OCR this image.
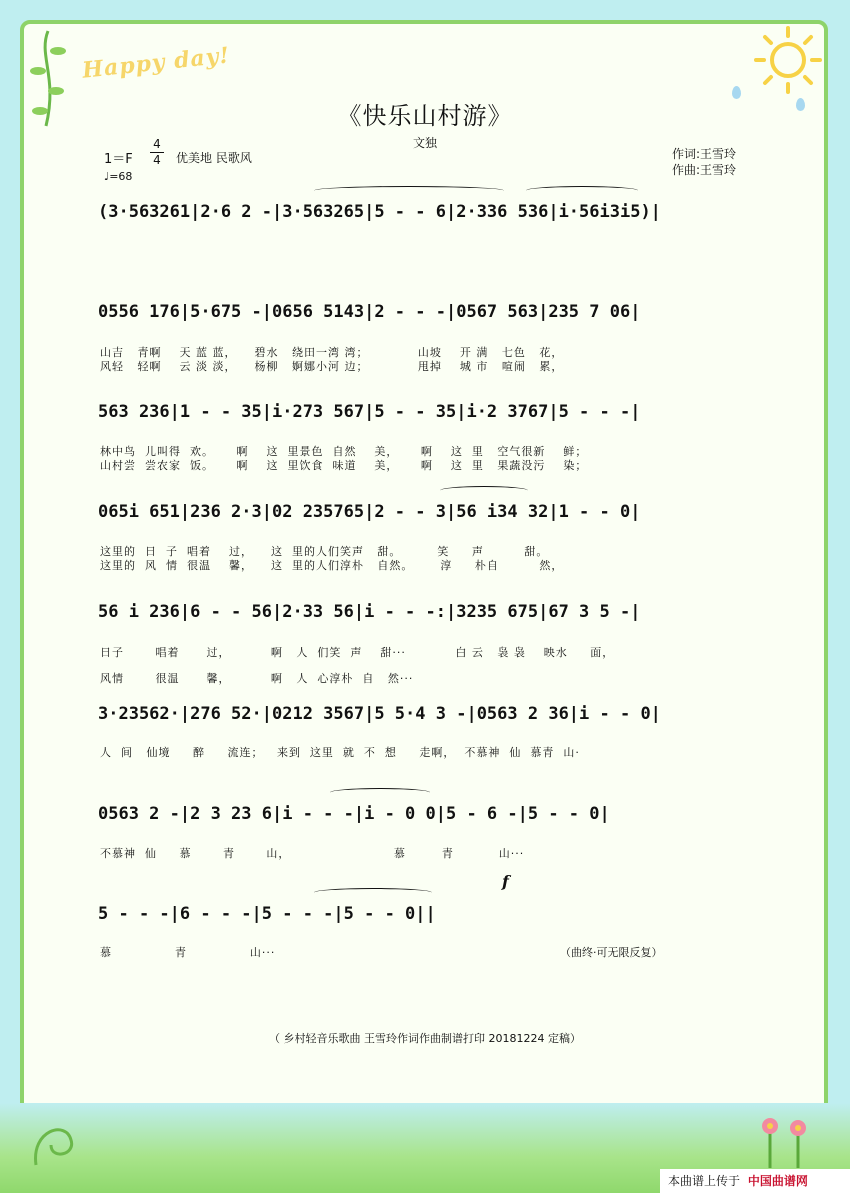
Happy day!
《快乐山村游》
文独
1＝F
4
4 优美地 民歌风
♩=68
作词:王雪玲
作曲:王雪玲
(3·563261|2·6 2 -|3·563265|5 - - 6|2·336 536|i·56i3i5)|
0556 176|5·675 -|0656 5143|2 - - -|0567 563|235 7 06|
山吉   青啊    天 蓝 蓝，    碧水   绕田一湾 湾；           山坡    开 满   七色   花，
风轻   轻啊    云 淡 淡，    杨柳   婀娜小河 边；           甩掉    城 市   喧闹   累，
563 236|1 - - 35|i·273 567|5 - - 35|i·2 3767|5 - - -|
林中鸟  儿叫得  欢。     啊    这  里景色  自然    美，     啊    这  里   空气很新    鲜；
山村尝  尝农家  饭。     啊    这  里饮食  味道    美，     啊    这  里   果蔬没污    染；
065i 651|236 2·3|02 235765|2 - - 3|56 i34 32|1 - - 0|
这里的  日  子  唱着    过，    这  里的人们笑声   甜。        笑     声         甜。
这里的  风  情  很温    馨，    这  里的人们淳朴   自然。      淳     朴自         然，
56 i 236|6 - - 56|2·33 56|i - - -:|3235 675|67 3 5 -|
日子       唱着      过，         啊   人  们笑  声    甜···           白 云   袅 袅    映水     面，
风情       很温      馨，         啊   人  心淳朴  自   然···
3·23562·|276 52·|0212 3567|5 5·4 3 -|0563 2 36|i - - 0|
人  间   仙境     醉     流连；   来到  这里  就  不  想     走啊，  不慕神  仙  慕青  山·
0563 2 -|2 3 23 6|i - - -|i - 0 0|5 - 6 -|5 - - 0|
不慕神  仙     慕       青       山，                       慕        青          山···
f
5 - - -|6 - - -|5 - - -|5 - - 0||
慕              青              山···	（曲终·可无限反复）
（ 乡村轻音乐歌曲 王雪玲作词作曲制谱打印 20181224 定稿）
本曲谱上传于 中国曲谱网
